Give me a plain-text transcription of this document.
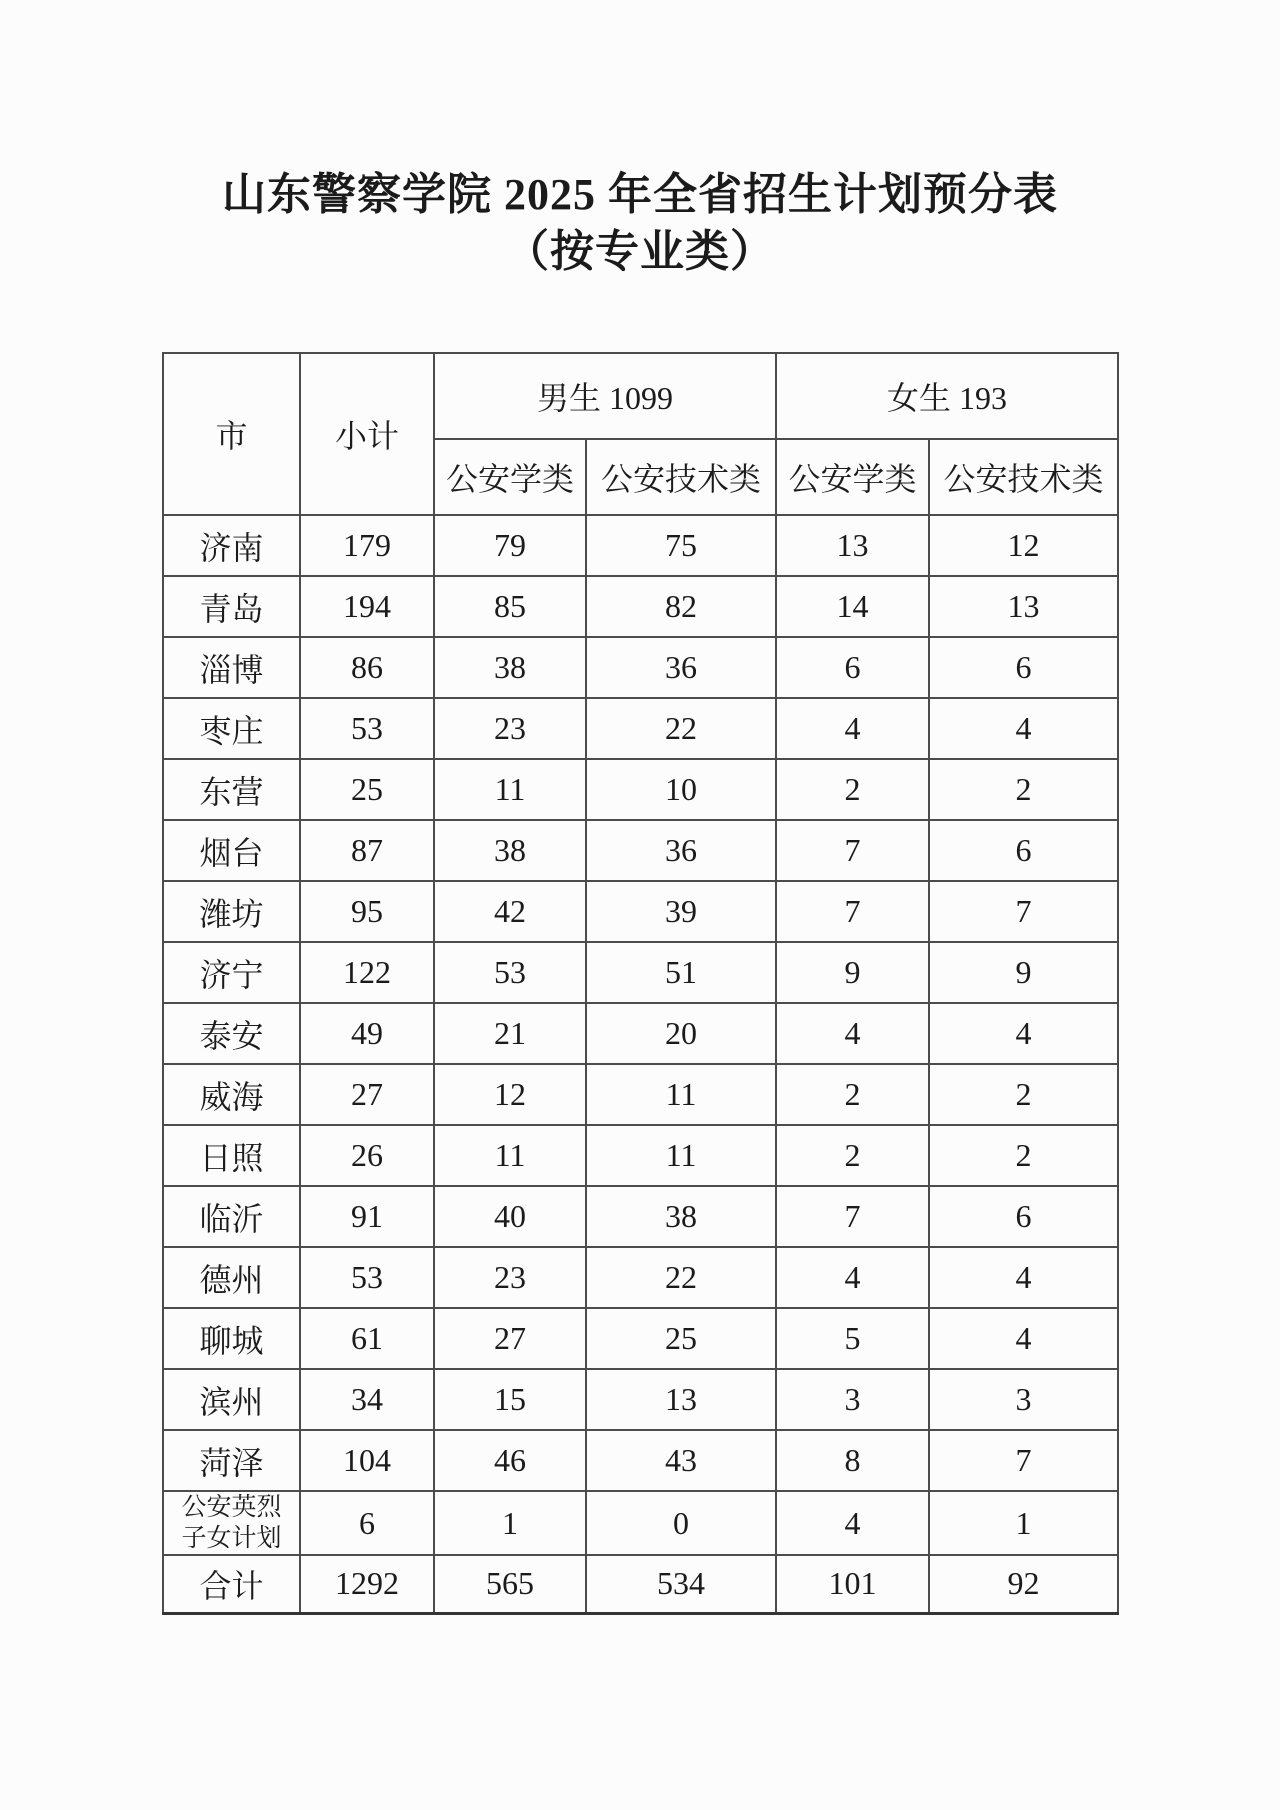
山东警察学院 2025 年全省招生计划预分表
（按专业类）
市	小计	男生 1099		女生 193	
		公安学类	公安技术类	公安学类	公安技术类
济南	179	79	75	13	12
青岛	194	85	82	14	13
淄博	86	38	36	6	6
枣庄	53	23	22	4	4
东营	25	11	10	2	2
烟台	87	38	36	7	6
潍坊	95	42	39	7	7
济宁	122	53	51	9	9
泰安	49	21	20	4	4
威海	27	12	11	2	2
日照	26	11	11	2	2
临沂	91	40	38	7	6
德州	53	23	22	4	4
聊城	61	27	25	5	4
滨州	34	15	13	3	3
菏泽	104	46	43	8	7
公安英烈子女计划	6	1	0	4	1
合计	1292	565	534	101	92
